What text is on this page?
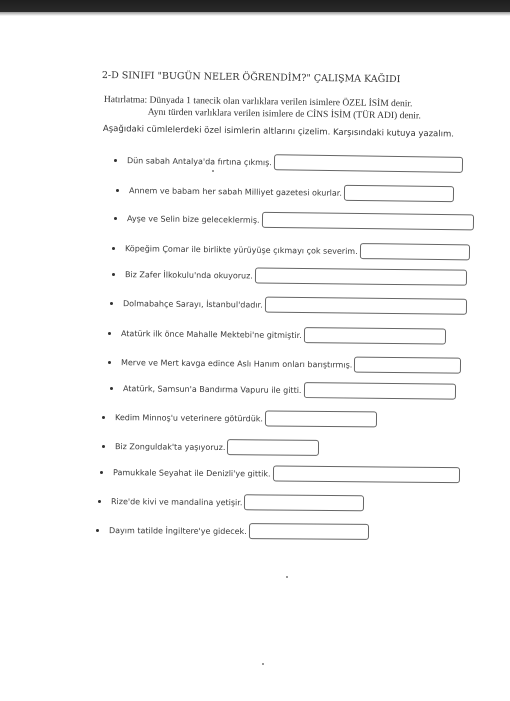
2-D SINIFI "BUGÜN NELER ÖĞRENDİM?" ÇALIŞMA KAĞIDI
Hatırlatma: Dünyada 1 tanecik olan varlıklara verilen isimlere ÖZEL İSİM denir.
Aynı türden varlıklara verilen isimlere de CİNS İSİM (TÜR ADI) denir.
Aşağıdaki cümlelerdeki özel isimlerin altlarını çizelim. Karşısındaki kutuya yazalım.
Dün sabah Antalya'da fırtına çıkmış.
Annem ve babam her sabah Milliyet gazetesi okurlar.
Ayşe ve Selin bize geleceklermiş.
Köpeğim Çomar ile birlikte yürüyüşe çıkmayı çok severim.
Biz Zafer İlkokulu'nda okuyoruz.
Dolmabahçe Sarayı, İstanbul'dadır.
Atatürk ilk önce Mahalle Mektebi'ne gitmiştir.
Merve ve Mert kavga edince Aslı Hanım onları barıştırmış.
Atatürk, Samsun'a Bandırma Vapuru ile gitti.
Kedim Minnoş'u veterinere götürdük.
Biz Zonguldak'ta yaşıyoruz.
Pamukkale Seyahat ile Denizli'ye gittik.
Rize'de kivi ve mandalina yetişir.
Dayım tatilde İngiltere'ye gidecek.
